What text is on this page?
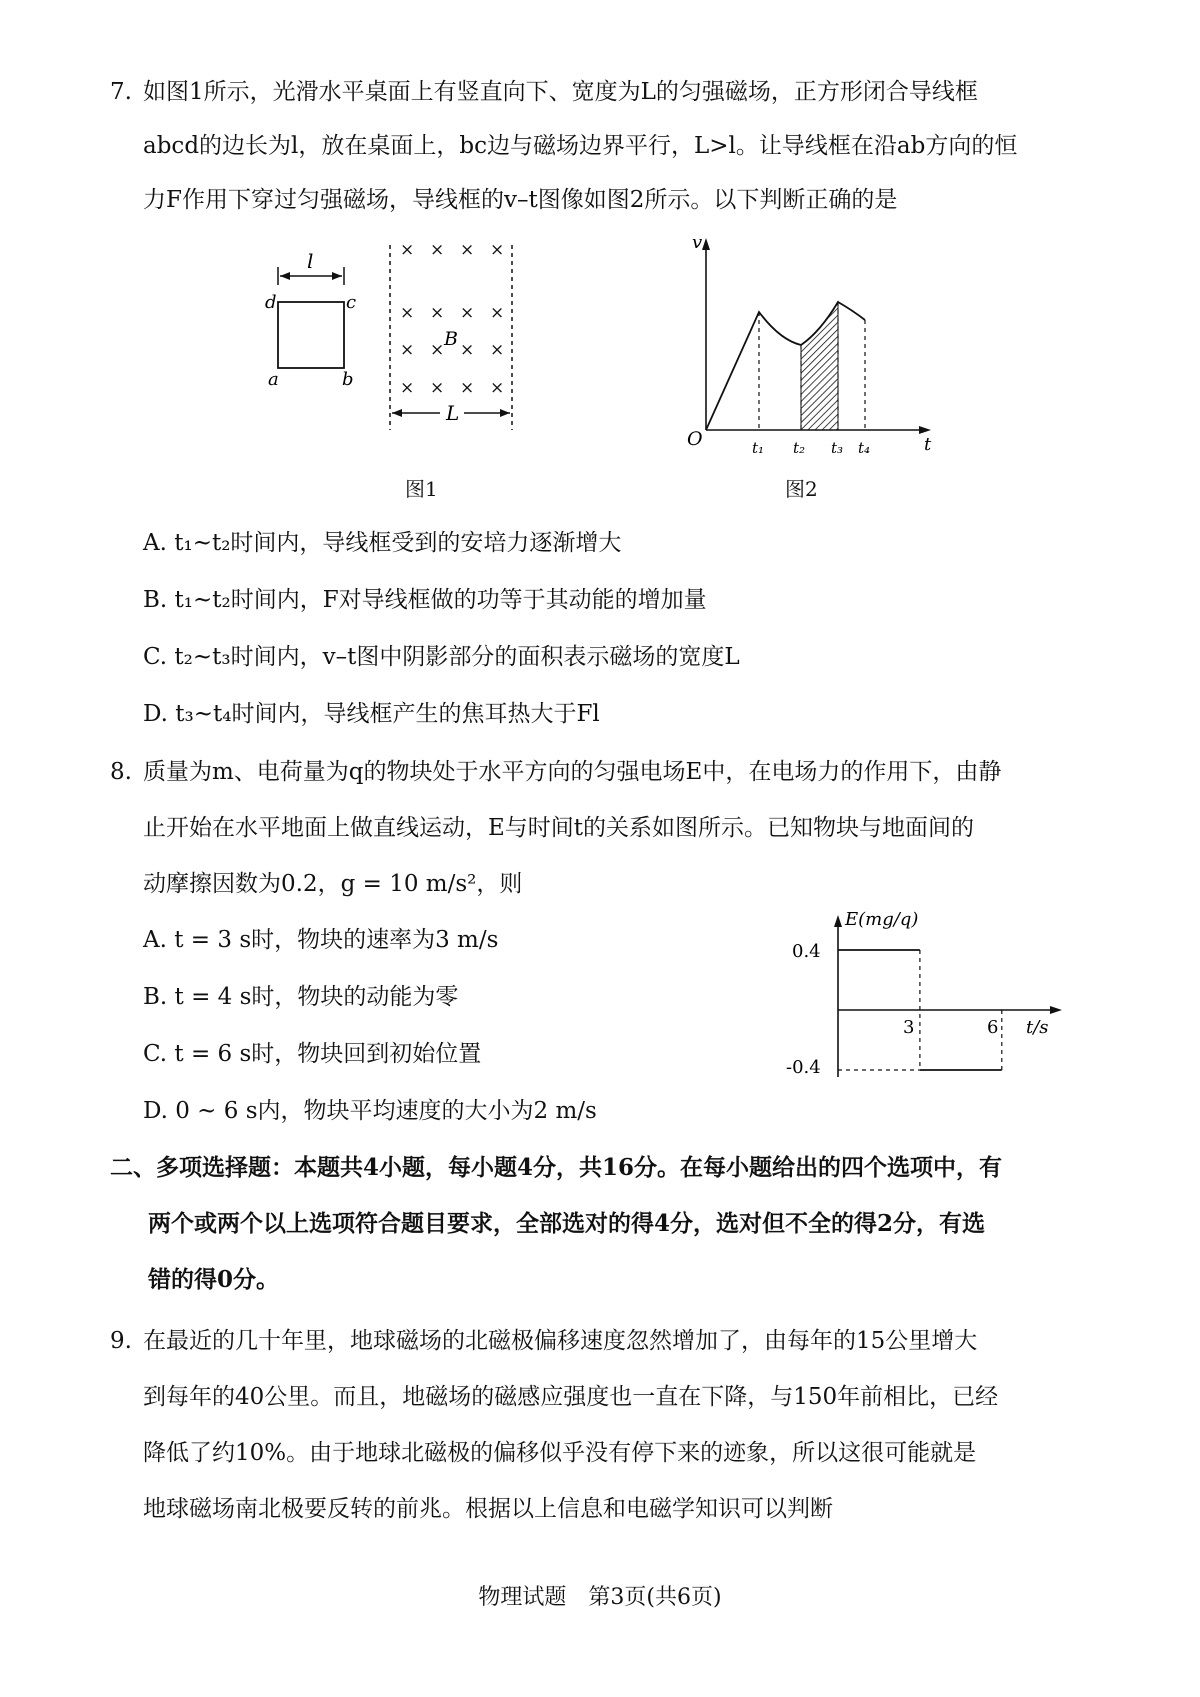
7. 如图1所示，光滑水平桌面上有竖直向下、宽度为L的匀强磁场，正方形闭合导线框
abcd的边长为l，放在桌面上，bc边与磁场边界平行，L>l。让导线框在沿ab方向的恒
力F作用下穿过匀强磁场，导线框的v–t图像如图2所示。以下判断正确的是
l
d	c
a	b
× × × ×
× × × ×
× × × ×
× × × ×
B
L
图1
v
t
O	t₁ t₂ t₃ t₄
图2
A. t₁~t₂时间内，导线框受到的安培力逐渐增大
B. t₁~t₂时间内，F对导线框做的功等于其动能的增加量
C. t₂~t₃时间内，v–t图中阴影部分的面积表示磁场的宽度L
D. t₃~t₄时间内，导线框产生的焦耳热大于Fl
8. 质量为m、电荷量为q的物块处于水平方向的匀强电场E中，在电场力的作用下，由静
止开始在水平地面上做直线运动，E与时间t的关系如图所示。已知物块与地面间的
动摩擦因数为0.2，g = 10 m/s²，则
A. t = 3 s时，物块的速率为3 m/s
B. t = 4 s时，物块的动能为零
C. t = 6 s时，物块回到初始位置
D. 0 ~ 6 s内，物块平均速度的大小为2 m/s
E(mg/q)
t/s
0.4
-0.4
3	6
二、多项选择题：本题共4小题，每小题4分，共16分。在每小题给出的四个选项中，有
两个或两个以上选项符合题目要求，全部选对的得4分，选对但不全的得2分，有选
错的得0分。
9. 在最近的几十年里，地球磁场的北磁极偏移速度忽然增加了，由每年的15公里增大
到每年的40公里。而且，地磁场的磁感应强度也一直在下降，与150年前相比，已经
降低了约10%。由于地球北磁极的偏移似乎没有停下来的迹象，所以这很可能就是
地球磁场南北极要反转的前兆。根据以上信息和电磁学知识可以判断
物理试题　第3页(共6页)
